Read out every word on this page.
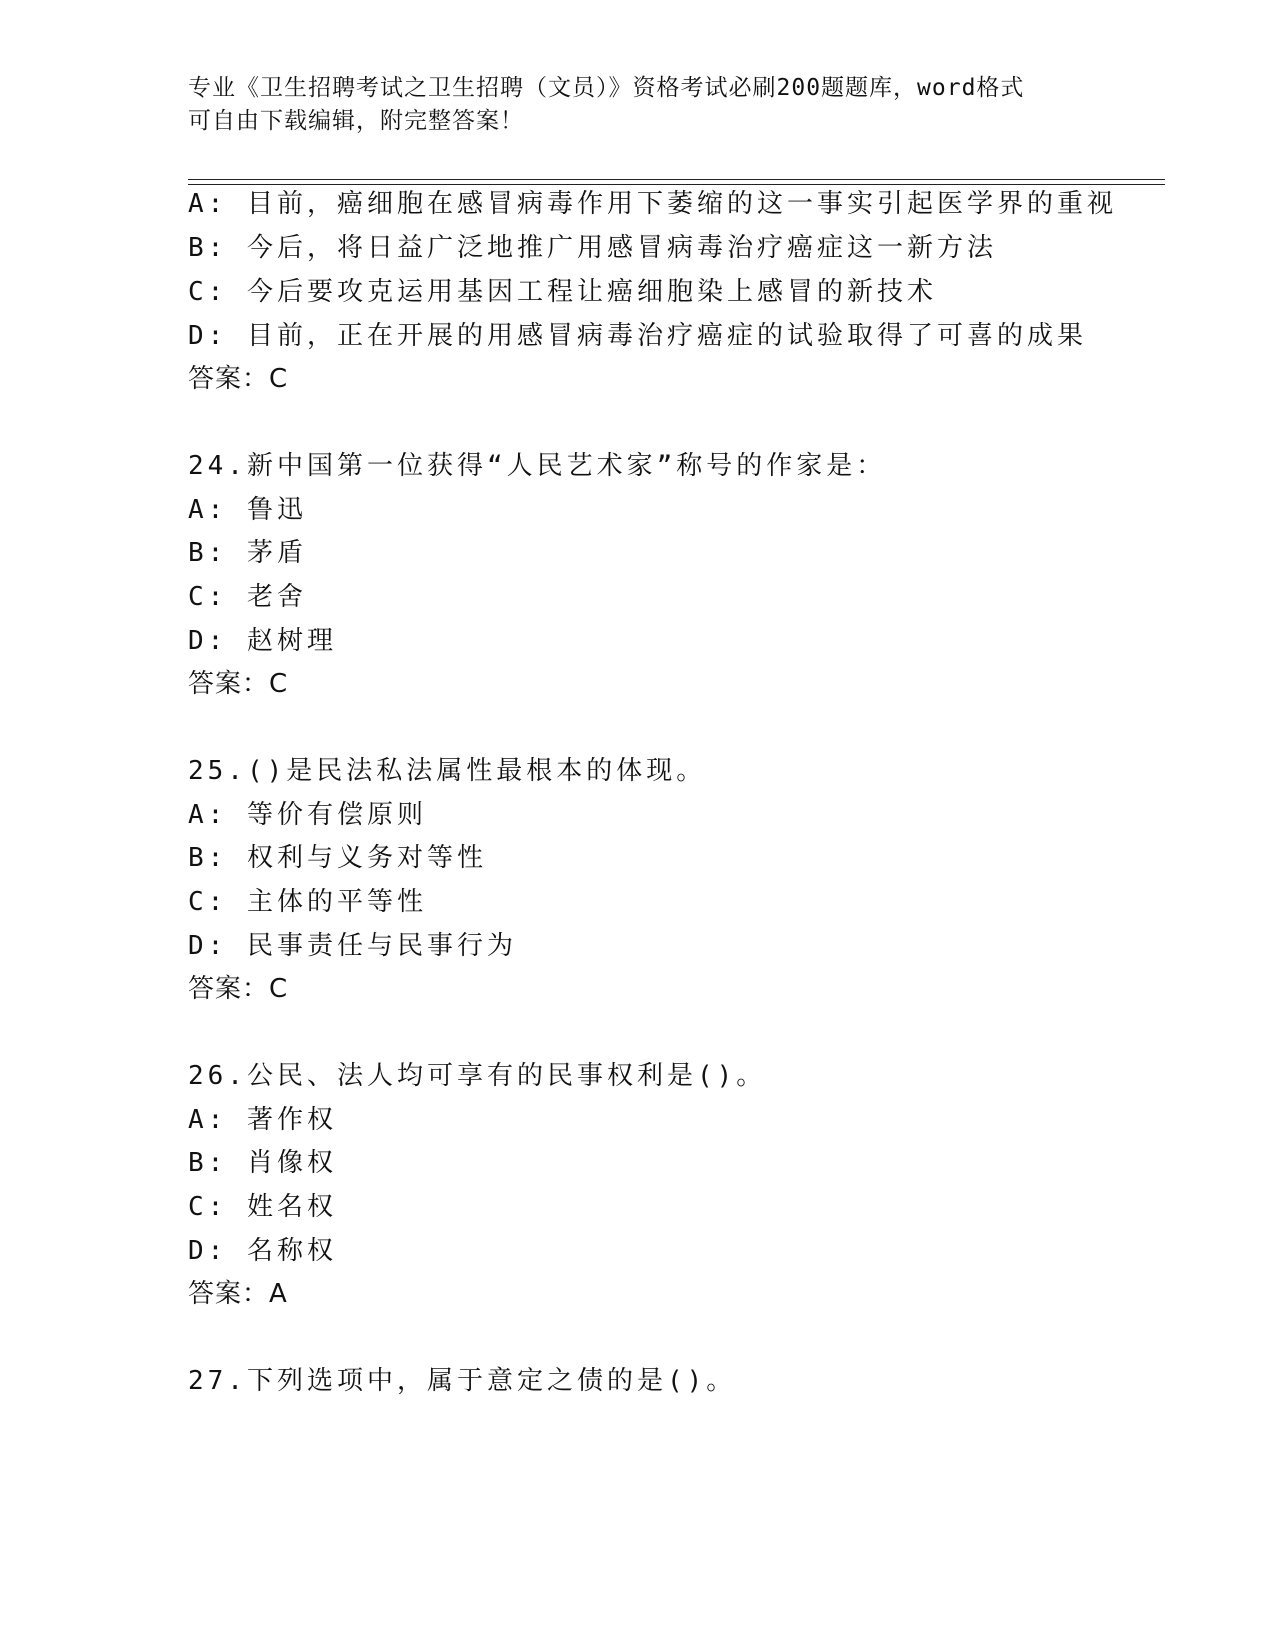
专业《卫生招聘考试之卫生招聘（文员）》资格考试必刷200题题库，word格式
可自由下载编辑，附完整答案！
A: 目前，癌细胞在感冒病毒作用下萎缩的这一事实引起医学界的重视
B: 今后，将日益广泛地推广用感冒病毒治疗癌症这一新方法
C: 今后要攻克运用基因工程让癌细胞染上感冒的新技术
D: 目前，正在开展的用感冒病毒治疗癌症的试验取得了可喜的成果
答案：C
24.新中国第一位获得“人民艺术家”称号的作家是：
A: 鲁迅
B: 茅盾
C: 老舍
D: 赵树理
答案：C
25.()是民法私法属性最根本的体现。
A: 等价有偿原则
B: 权利与义务对等性
C: 主体的平等性
D: 民事责任与民事行为
答案：C
26.公民、法人均可享有的民事权利是()。
A: 著作权
B: 肖像权
C: 姓名权
D: 名称权
答案：A
27.下列选项中，属于意定之债的是()。
